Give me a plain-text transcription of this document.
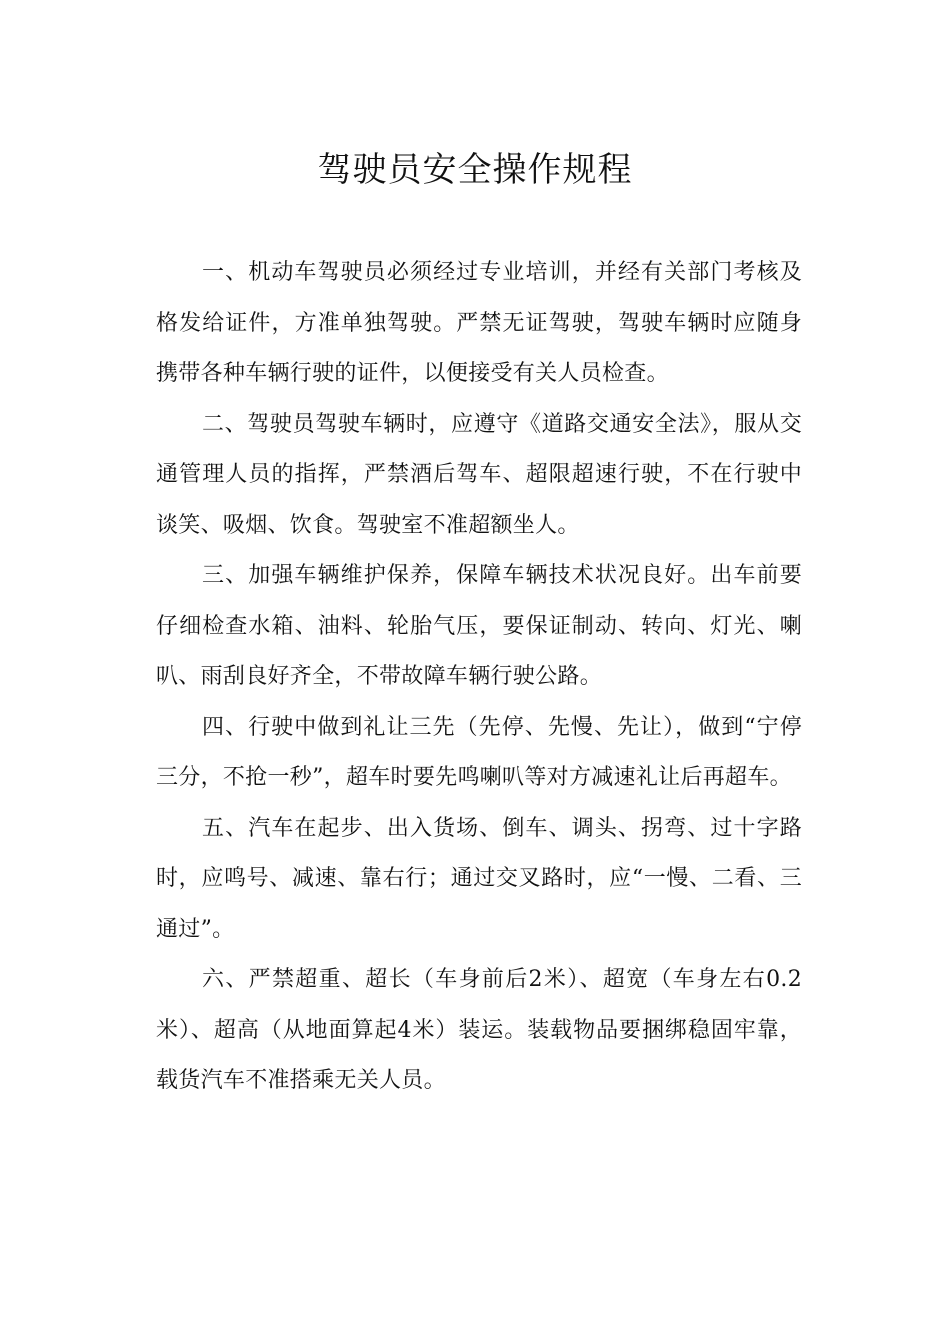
驾驶员安全操作规程

一、机动车驾驶员必须经过专业培训，并经有关部门考核及格发给证件，方准单独驾驶。严禁无证驾驶，驾驶车辆时应随身携带各种车辆行驶的证件，以便接受有关人员检查。

二、驾驶员驾驶车辆时，应遵守《道路交通安全法》，服从交通管理人员的指挥，严禁酒后驾车、超限超速行驶，不在行驶中谈笑、吸烟、饮食。驾驶室不准超额坐人。

三、加强车辆维护保养，保障车辆技术状况良好。出车前要仔细检查水箱、油料、轮胎气压，要保证制动、转向、灯光、喇叭、雨刮良好齐全，不带故障车辆行驶公路。

四、行驶中做到礼让三先（先停、先慢、先让），做到“宁停三分，不抢一秒”，超车时要先鸣喇叭等对方减速礼让后再超车。

五、汽车在起步、出入货场、倒车、调头、拐弯、过十字路时，应鸣号、减速、靠右行；通过交叉路时，应“一慢、二看、三通过”。

六、严禁超重、超长（车身前后2米）、超宽（车身左右0.2米）、超高（从地面算起4米）装运。装载物品要捆绑稳固牢靠，载货汽车不准搭乘无关人员。
